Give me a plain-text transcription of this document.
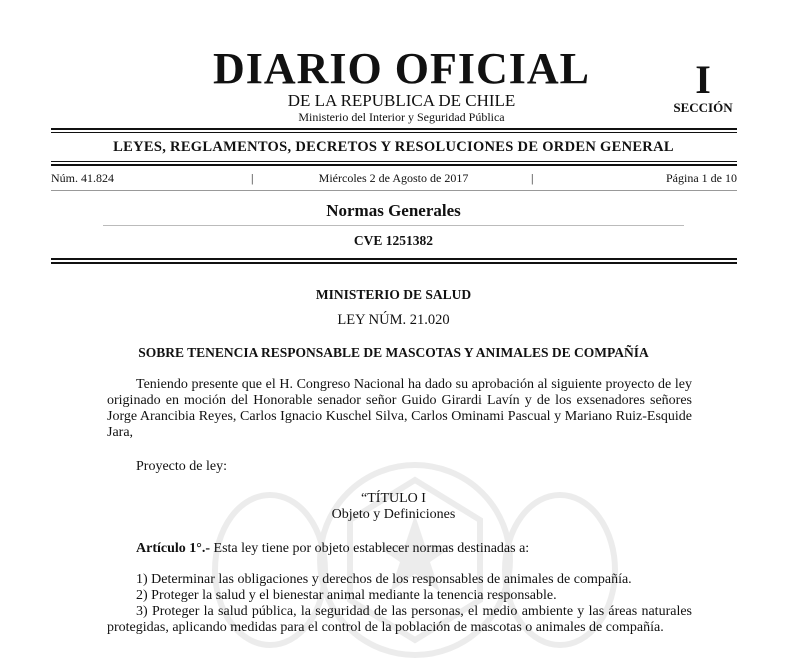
DIARIO OFICIAL
DE LA REPUBLICA DE CHILE
Ministerio del Interior y Seguridad Pública
I
SECCIÓN
LEYES, REGLAMENTOS, DECRETOS Y RESOLUCIONES DE ORDEN GENERAL
Núm. 41.824	|	Miércoles 2 de Agosto de 2017	|	Página 1 de 10
Normas Generales
CVE 1251382
MINISTERIO DE SALUD
LEY NÚM. 21.020
SOBRE TENENCIA RESPONSABLE DE MASCOTAS Y ANIMALES DE COMPAÑÍA

Teniendo presente que el H. Congreso Nacional ha dado su aprobación al siguiente proyecto de ley originado en moción del Honorable senador señor Guido Girardi Lavín y de los exsenadores señores Jorge Arancibia Reyes, Carlos Ignacio Kuschel Silva, Carlos Ominami Pascual y Mariano Ruiz-Esquide Jara,

Proyecto de ley:

“TÍTULO I
Objeto y Definiciones

Artículo 1°.- Esta ley tiene por objeto establecer normas destinadas a:

1) Determinar las obligaciones y derechos de los responsables de animales de compañía.

2) Proteger la salud y el bienestar animal mediante la tenencia responsable.

3) Proteger la salud pública, la seguridad de las personas, el medio ambiente y las áreas naturales protegidas, aplicando medidas para el control de la población de mascotas o animales de compañía.
